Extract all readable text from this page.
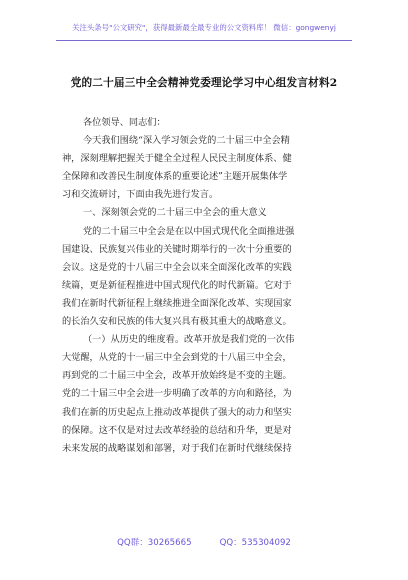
关注头条号"公文研究"，获得最新最全最专业的公文资料库！ 微信：gongwenyj
党的二十届三中全会精神党委理论学习中心组发言材料2

各位领导、同志们：

今天我们围绕“深入学习领会党的二十届三中全会精

神，深刻理解把握关于健全全过程人民民主制度体系、健

全保障和改善民生制度体系的重要论述”主题开展集体学

习和交流研讨，下面由我先进行发言。

一、深刻领会党的二十届三中全会的重大意义

党的二十届三中全会是在以中国式现代化全面推进强

国建设、民族复兴伟业的关键时期举行的一次十分重要的

会议。这是党的十八届三中全会以来全面深化改革的实践

续篇，更是新征程推进中国式现代化的时代新篇。它对于

我们在新时代新征程上继续推进全面深化改革、实现国家

的长治久安和民族的伟大复兴具有极其重大的战略意义。

（一）从历史的维度看。改革开放是我们党的一次伟

大觉醒，从党的十一届三中全会到党的十八届三中全会，

再到党的二十届三中全会，改革开放始终是不变的主题。

党的二十届三中全会进一步明确了改革的方向和路径，为

我们在新的历史起点上推动改革提供了强大的动力和坚实

的保障。这不仅是对过去改革经验的总结和升华，更是对

未来发展的战略谋划和部署，对于我们在新时代继续保持

QQ群：30265665	QQ：535304092
